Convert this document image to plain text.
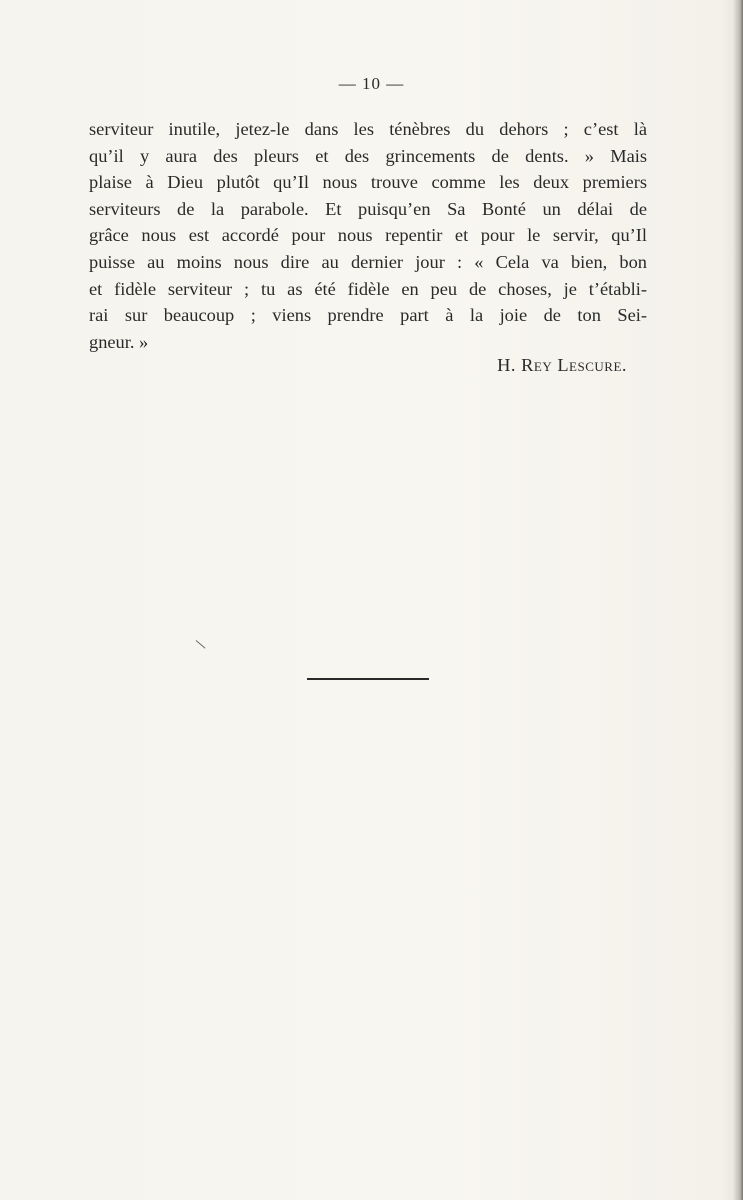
— 10 —
serviteur inutile, jetez-le dans les ténèbres du dehors ; c’est là
qu’il y aura des pleurs et des grincements de dents. » Mais
plaise à Dieu plutôt qu’Il nous trouve comme les deux premiers
serviteurs de la parabole. Et puisqu’en Sa Bonté un délai de
grâce nous est accordé pour nous repentir et pour le servir, qu’Il
puisse au moins nous dire au dernier jour : « Cela va bien, bon
et fidèle serviteur ; tu as été fidèle en peu de choses, je t’établi-
rai sur beaucoup ; viens prendre part à la joie de ton Sei-
gneur. »
H. Rey Lescure.
